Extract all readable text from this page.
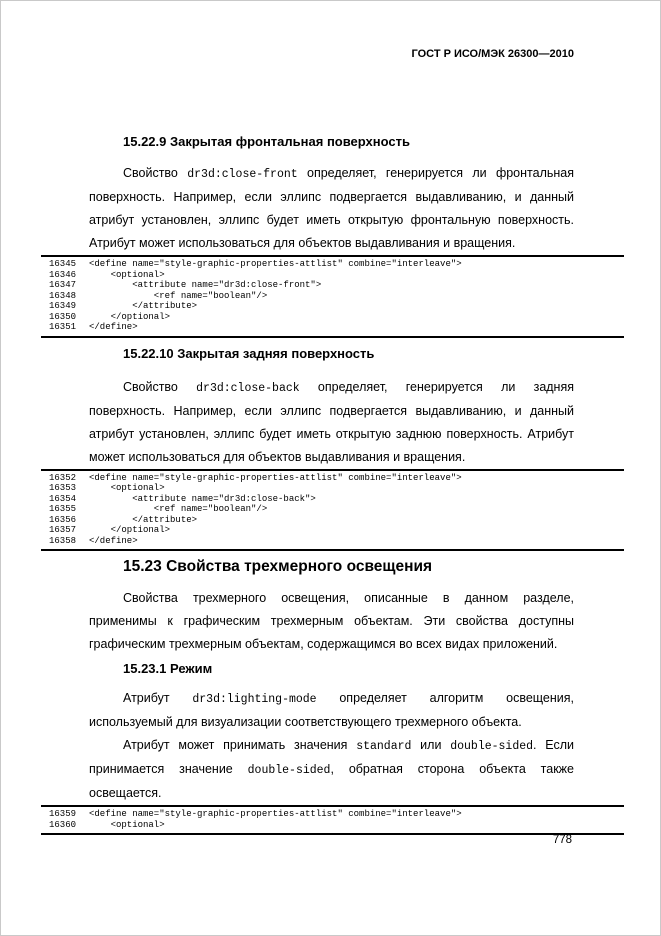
ГОСТ Р ИСО/МЭК 26300—2010
15.22.9 Закрытая фронтальная поверхность

Свойство dr3d:close-front определяет, генерируется ли фронтальная поверхность. Например, если эллипс подвергается выдавливанию, и данный атрибут установлен, эллипс будет иметь открытую фронтальную поверхность. Атрибут может использоваться для объектов выдавливания и вращения.

16345	<define name="style-graphic-properties-attlist" combine="interleave">
16346	<optional>
16347	<attribute name="dr3d:close-front">
16348	<ref name="boolean"/>
16349	</attribute>
16350	</optional>
16351	</define>
15.22.10 Закрытая задняя поверхность

Свойство dr3d:close-back определяет, генерируется ли задняя поверхность. Например, если эллипс подвергается выдавливанию, и данный атрибут установлен, эллипс будет иметь открытую заднюю поверхность. Атрибут может использоваться для объектов выдавливания и вращения.

16352	<define name="style-graphic-properties-attlist" combine="interleave">
16353	<optional>
16354	<attribute name="dr3d:close-back">
16355	<ref name="boolean"/>
16356	</attribute>
16357	</optional>
16358	</define>
15.23 Свойства трехмерного освещения

Свойства трехмерного освещения, описанные в данном разделе, применимы к графическим трехмерным объектам. Эти свойства доступны графическим трехмерным объектам, содержащимся во всех видах приложений.

15.23.1 Режим

Атрибут dr3d:lighting-mode определяет алгоритм освещения, используемый для визуализации соответствующего трехмерного объекта.

Атрибут может принимать значения standard или double-sided. Если принимается значение double-sided, обратная сторона объекта также освещается.

16359	<define name="style-graphic-properties-attlist" combine="interleave">
16360	<optional>
778
